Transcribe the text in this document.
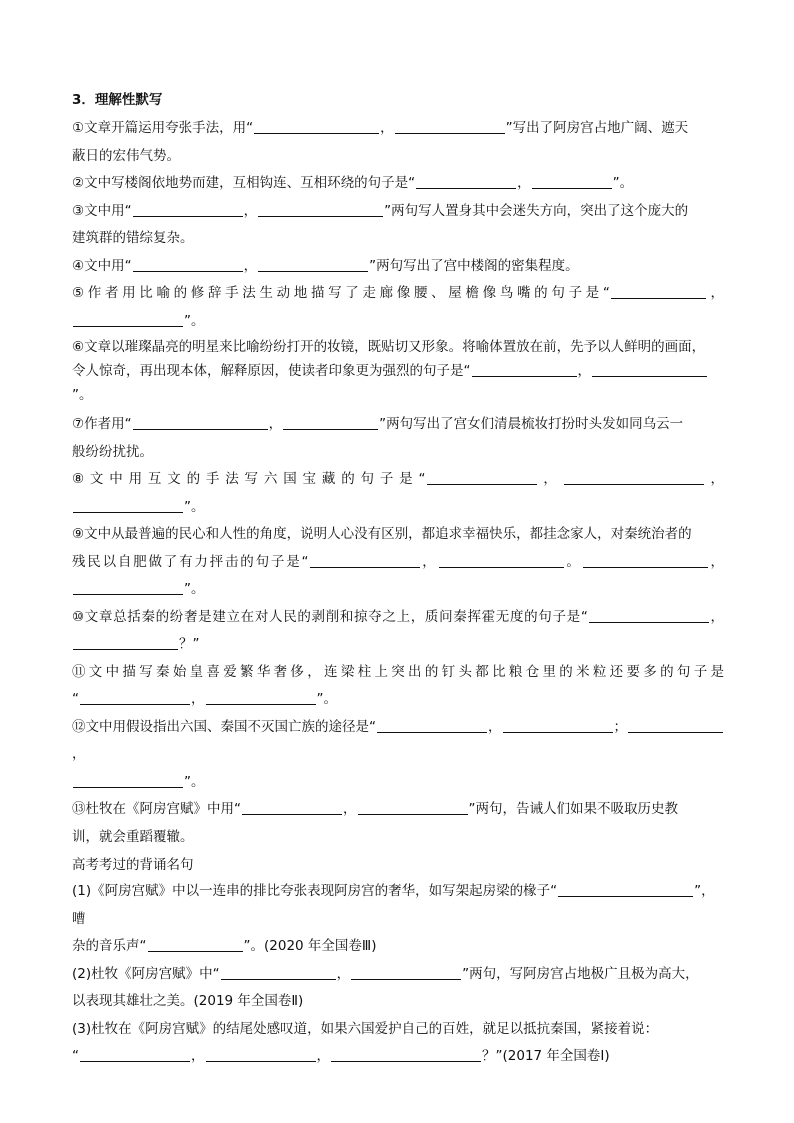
3．理解性默写

①文章开篇运用夸张手法，用“	，	”写出了阿房宫占地广阔、遮天
蔽日的宏伟气势。

②文中写楼阁依地势而建，互相钩连、互相环绕的句子是“	，	”。

③文中用“	，	”两句写人置身其中会迷失方向，突出了这个庞大的
建筑群的错综复杂。

④文中用“	，	”两句写出了宫中楼阁的密集程度。

⑤作者用比喻的修辞手法生动地描写了走廊像腰、屋檐像鸟嘴的句子是“	，
”。

⑥文章以璀璨晶亮的明星来比喻纷纷打开的妆镜，既贴切又形象。将喻体置放在前，先予以人鲜明的画面，
令人惊奇，再出现本体，解释原因，使读者印象更为强烈的句子是“	，”。

⑦作者用“	，	”两句写出了宫女们清晨梳妆打扮时头发如同乌云一
般纷纷扰扰。

⑧文中用互文的手法写六国宝藏的句子是“	，	，
”。

⑨文中从最普遍的民心和人性的角度，说明人心没有区别，都追求幸福快乐，都挂念家人，对秦统治者的

残民以自肥做了有力抨击的句子是“	，	。	，
”。

⑩文章总括秦的纷奢是建立在对人民的剥削和掠夺之上，质问秦挥霍无度的句子是“	，
？”

⑪文中描写秦始皇喜爱繁华奢侈，连梁柱上突出的钉头都比粮仓里的米粒还要多的句子是
“	，	”。

⑫文中用假设指出六国、秦国不灭国亡族的途径是“	，	；，
”。

⑬杜牧在《阿房宫赋》中用“	，	”两句，告诫人们如果不吸取历史教
训，就会重蹈覆辙。

高考考过的背诵名句

(1)《阿房宫赋》中以一连串的排比夸张表现阿房宫的奢华，如写架起房梁的椽子“	”，嘈
杂的音乐声“	”。(2020 年全国卷Ⅲ)

(2)杜牧《阿房宫赋》中“	，	”两句，写阿房宫占地极广且极为高大，
以表现其雄壮之美。(2019 年全国卷Ⅱ)

(3)杜牧在《阿房宫赋》的结尾处感叹道，如果六国爱护自己的百姓，就足以抵抗秦国，紧接着说：
“	，	，	？”(2017 年全国卷Ⅰ)
